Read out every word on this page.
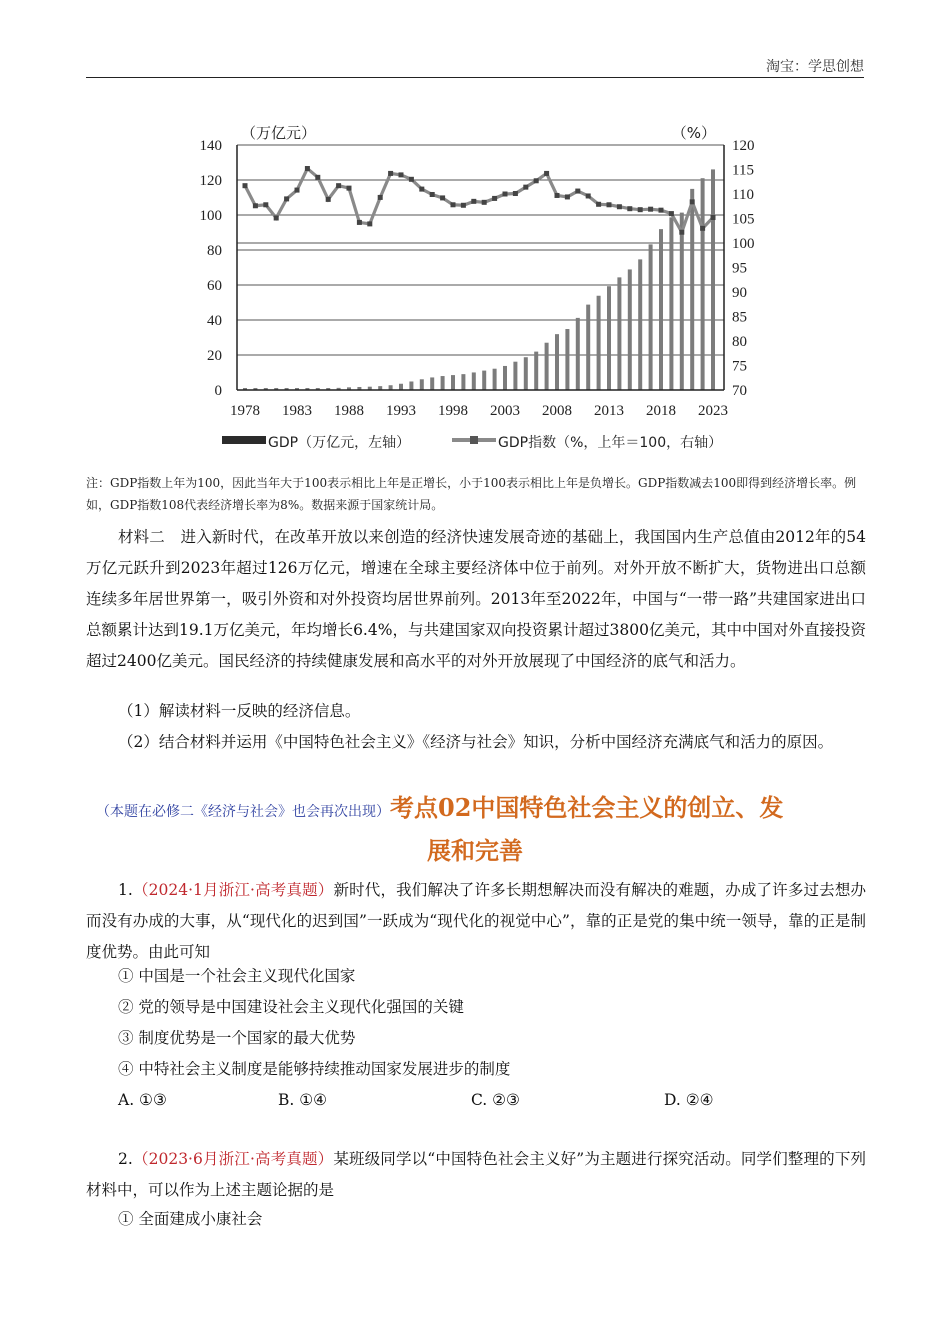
淘宝：学思创想
0
20
40
60
80
100
120
140
70
75
80
85
90
95
100
105
110
115
120
1978 1983 1988 1993 1998 2003 2008 2013 2018 2023
（万亿元）	（%）
GDP（万亿元，左轴）	GDP指数（%，上年＝100，右轴）
注：GDP指数上年为100，因此当年大于100表示相比上年是正增长，小于100表示相比上年是负增长。GDP指数减去100即得到经济增长率。例如，GDP指数108代表经济增长率为8%。数据来源于国家统计局。
材料二　进入新时代，在改革开放以来创造的经济快速发展奇迹的基础上，我国国内生产总值由2012年的54万亿元跃升到2023年超过126万亿元，增速在全球主要经济体中位于前列。对外开放不断扩大，货物进出口总额连续多年居世界第一，吸引外资和对外投资均居世界前列。2013年至2022年，中国与“一带一路”共建国家进出口总额累计达到19.1万亿美元，年均增长6.4%，与共建国家双向投资累计超过3800亿美元，其中中国对外直接投资超过2400亿美元。国民经济的持续健康发展和高水平的对外开放展现了中国经济的底气和活力。
（1）解读材料一反映的经济信息。
（2）结合材料并运用《中国特色社会主义》《经济与社会》知识，分析中国经济充满底气和活力的原因。
（本题在必修二《经济与社会》也会再次出现）考点02中国特色社会主义的创立、发
展和完善
1.（2024·1月浙江·高考真题）新时代，我们解决了许多长期想解决而没有解决的难题，办成了许多过去想办而没有办成的大事，从“现代化的迟到国”一跃成为“现代化的视觉中心”，靠的正是党的集中统一领导，靠的正是制度优势。由此可知
① 中国是一个社会主义现代化国家
② 党的领导是中国建设社会主义现代化强国的关键
③ 制度优势是一个国家的最大优势
④ 中特社会主义制度是能够持续推动国家发展进步的制度
A. ①③	B. ①④	C. ②③	D. ②④
2.（2023·6月浙江·高考真题）某班级同学以“中国特色社会主义好”为主题进行探究活动。同学们整理的下列材料中，可以作为上述主题论据的是
① 全面建成小康社会
